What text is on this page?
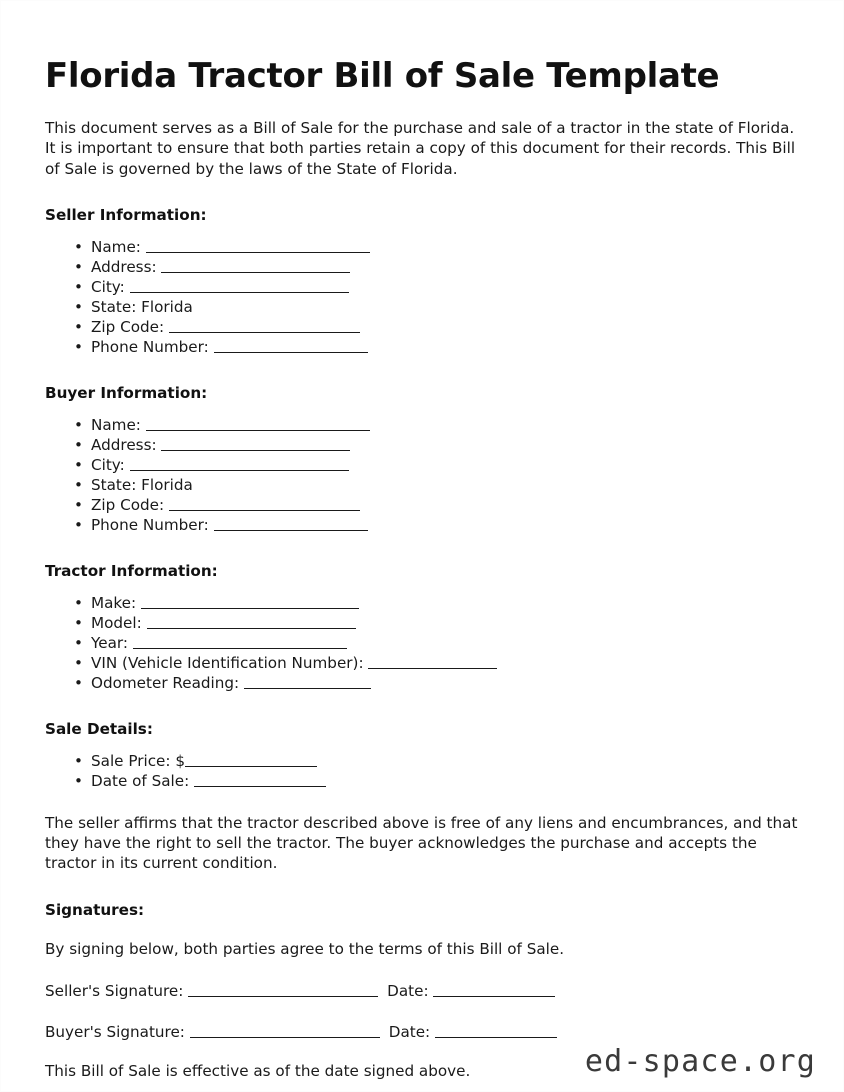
Florida Tractor Bill of Sale Template

This document serves as a Bill of Sale for the purchase and sale of a tractor in the state of Florida. It is important to ensure that both parties retain a copy of this document for their records. This Bill of Sale is governed by the laws of the State of Florida.

Seller Information:
• Name:
• Address:
• City:
• State: Florida
• Zip Code:
• Phone Number:
Buyer Information:
• Name:
• Address:
• City:
• State: Florida
• Zip Code:
• Phone Number:
Tractor Information:
• Make:
• Model:
• Year:
• VIN (Vehicle Identification Number):
• Odometer Reading:
Sale Details:
• Sale Price: $
• Date of Sale:

The seller affirms that the tractor described above is free of any liens and encumbrances, and that they have the right to sell the tractor. The buyer acknowledges the purchase and accepts the tractor in its current condition.

Signatures:

By signing below, both parties agree to the terms of this Bill of Sale.

Seller's Signature:	Date:
Buyer's Signature:	Date:

This Bill of Sale is effective as of the date signed above.	ed-space.org
